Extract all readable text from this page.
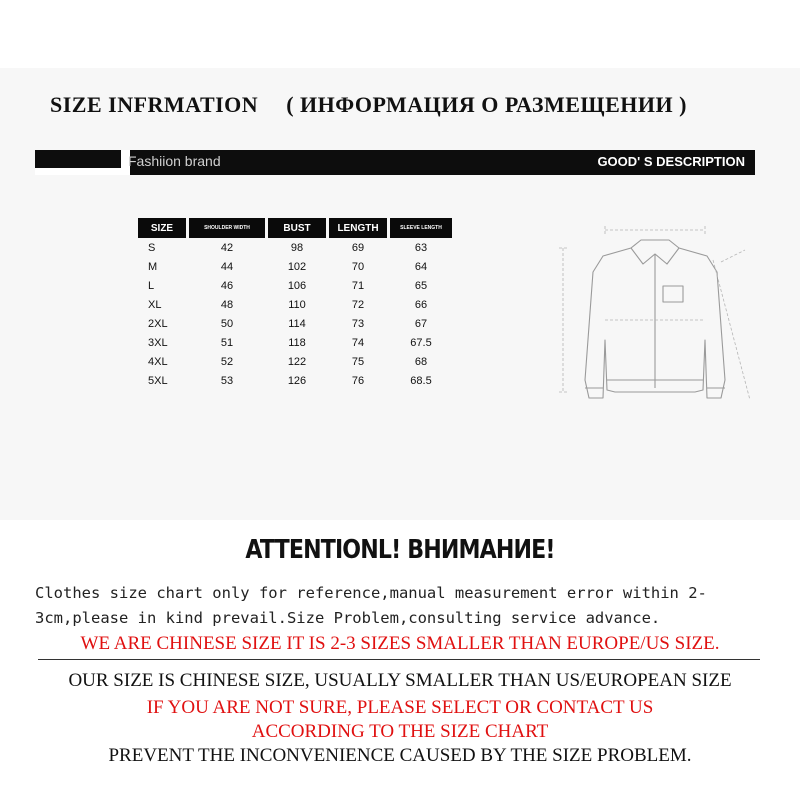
SIZE INFRMATION ( ИНФОРМАЦИЯ О РАЗМЕЩЕНИИ )
Fashiion brand	GOOD' S DESCRIPTION
SIZE	SHOULDER WIDTH	BUST	LENGTH	SLEEVE LENGTH
S	42	98	69	63
M	44	102	70	64
L	46	106	71	65
XL	48	110	72	66
2XL	50	114	73	67
3XL	51	118	74	67.5
4XL	52	122	75	68
5XL	53	126	76	68.5
ATTENTIONL! ВНИМАНИЕ!
Clothes size chart only for reference,manual measurement error within 2-
3cm,please in kind prevail.Size Problem,consulting service advance.
WE ARE CHINESE SIZE IT IS 2-3 SIZES SMALLER THAN EUROPE/US SIZE.
OUR SIZE IS CHINESE SIZE, USUALLY SMALLER THAN US/EUROPEAN SIZE
IF YOU ARE NOT SURE, PLEASE SELECT OR CONTACT US
ACCORDING TO THE SIZE CHART
PREVENT THE INCONVENIENCE CAUSED BY THE SIZE PROBLEM.
